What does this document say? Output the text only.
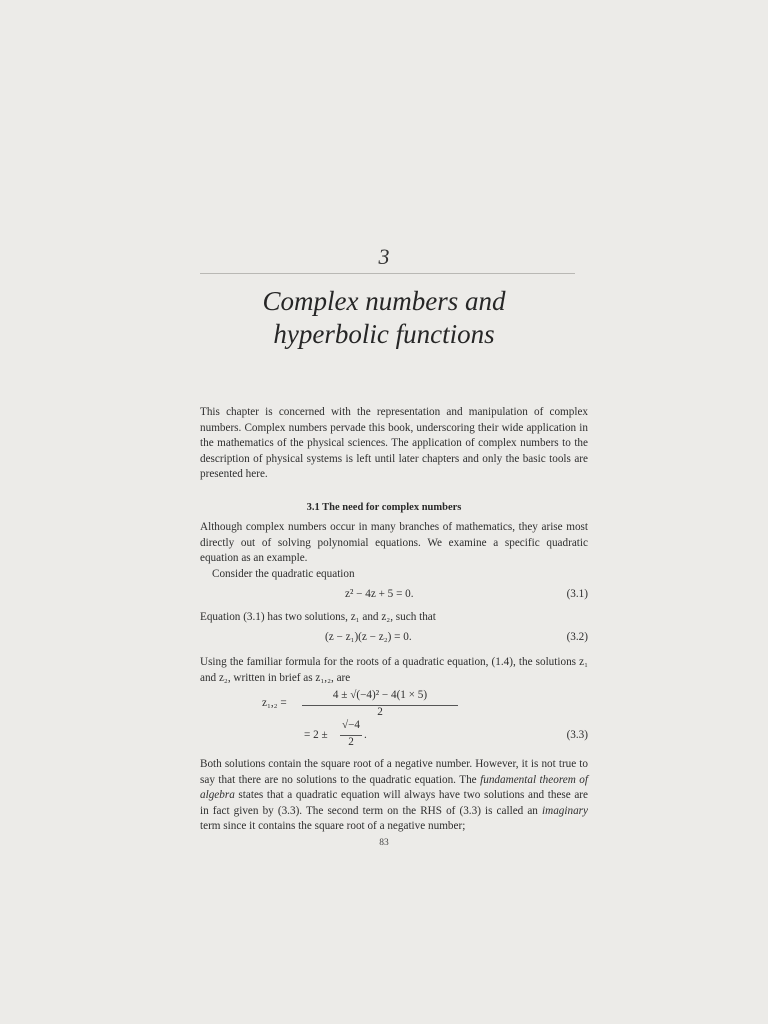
3
Complex numbers and
hyperbolic functions

This chapter is concerned with the representation and manipulation of complex numbers. Complex numbers pervade this book, underscoring their wide application in the mathematics of the physical sciences. The application of complex numbers to the description of physical systems is left until later chapters and only the basic tools are presented here.

3.1 The need for complex numbers

Although complex numbers occur in many branches of mathematics, they arise most directly out of solving polynomial equations. We examine a specific quadratic equation as an example.

Consider the quadratic equation

z² − 4z + 5 = 0.	(3.1)

Equation (3.1) has two solutions, z₁ and z₂, such that

(z − z₁)(z − z₂) = 0.	(3.2)

Using the familiar formula for the roots of a quadratic equation, (1.4), the solutions z₁ and z₂, written in brief as z₁,₂, are

z₁,₂ =
4 ± √(−4)² − 4(1 × 5)
2
= 2 ±
√−4
2
.	(3.3)

Both solutions contain the square root of a negative number. However, it is not true to say that there are no solutions to the quadratic equation. The fundamental theorem of algebra states that a quadratic equation will always have two solutions and these are in fact given by (3.3). The second term on the RHS of (3.3) is called an imaginary term since it contains the square root of a negative number;

83
